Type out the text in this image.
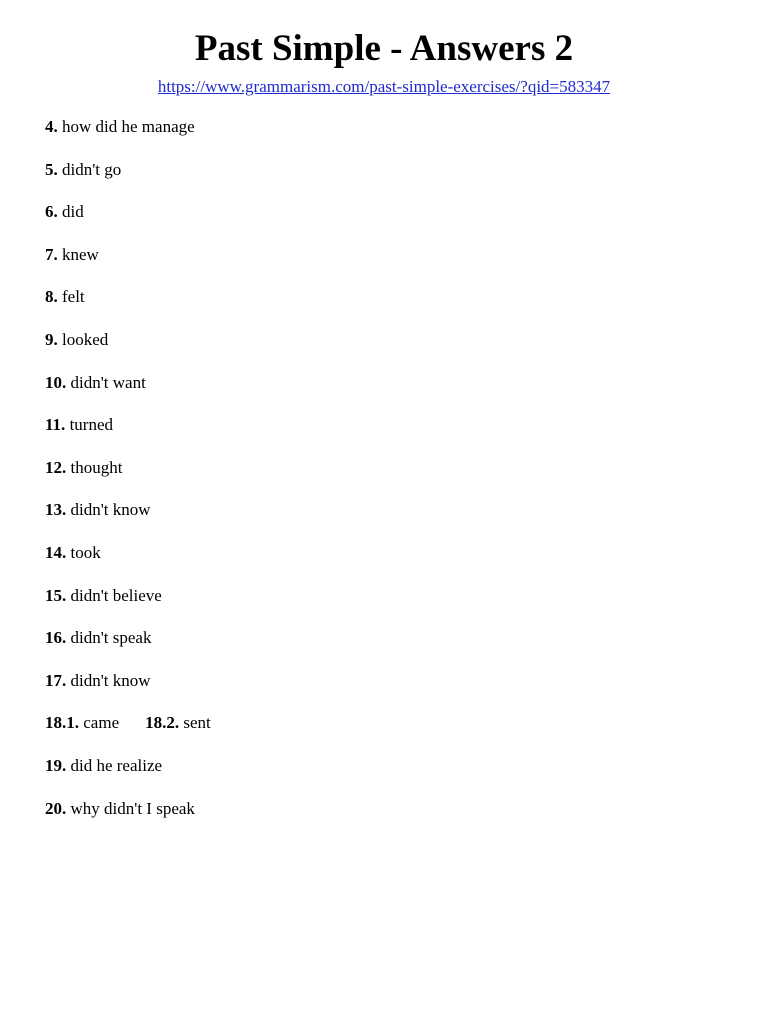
Past Simple - Answers 2
https://www.grammarism.com/past-simple-exercises/?qid=583347
4. how did he manage
5. didn't go
6. did
7. knew
8. felt
9. looked
10. didn't want
11. turned
12. thought
13. didn't know
14. took
15. didn't believe
16. didn't speak
17. didn't know
18.1. came 18.2. sent
19. did he realize
20. why didn't I speak
